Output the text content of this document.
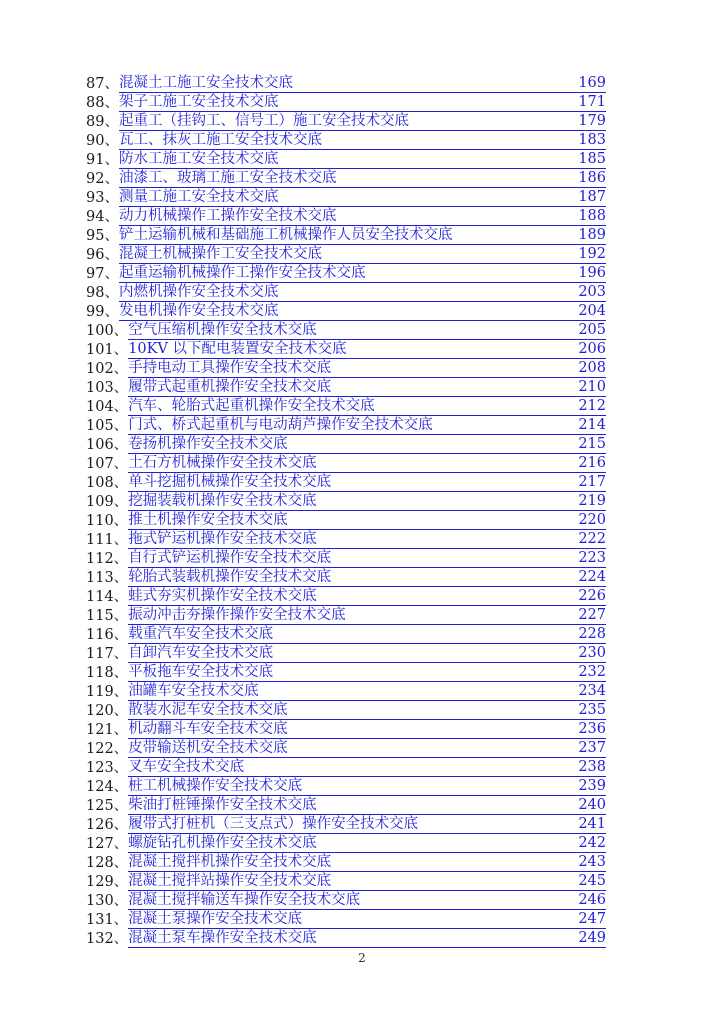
87、 混凝土工施工安全技术交底	169
88、 架子工施工安全技术交底	171
89、 起重工（挂钩工、信号工）施工安全技术交底	179
90、 瓦工、抹灰工施工安全技术交底	183
91、 防水工施工安全技术交底	185
92、 油漆工、玻璃工施工安全技术交底	186
93、 测量工施工安全技术交底	187
94、 动力机械操作工操作安全技术交底	188
95、 铲土运输机械和基础施工机械操作人员安全技术交底	189
96、 混凝土机械操作工安全技术交底	192
97、 起重运输机械操作工操作安全技术交底	196
98、 内燃机操作安全技术交底	203
99、 发电机操作安全技术交底	204
100、 空气压缩机操作安全技术交底	205
101、 10KV 以下配电装置安全技术交底	206
102、 手持电动工具操作安全技术交底	208
103、 履带式起重机操作安全技术交底	210
104、 汽车、轮胎式起重机操作安全技术交底	212
105、 门式、桥式起重机与电动葫芦操作安全技术交底	214
106、 卷扬机操作安全技术交底	215
107、 土石方机械操作安全技术交底	216
108、 单斗挖掘机械操作安全技术交底	217
109、 挖掘装载机操作安全技术交底	219
110、 推土机操作安全技术交底	220
111、 拖式铲运机操作安全技术交底	222
112、 自行式铲运机操作安全技术交底	223
113、 轮胎式装载机操作安全技术交底	224
114、 蛙式夯实机操作安全技术交底	226
115、 振动冲击夯操作操作安全技术交底	227
116、 载重汽车安全技术交底	228
117、 自卸汽车安全技术交底	230
118、 平板拖车安全技术交底	232
119、 油罐车安全技术交底	234
120、 散装水泥车安全技术交底	235
121、 机动翻斗车安全技术交底	236
122、 皮带输送机安全技术交底	237
123、 叉车安全技术交底	238
124、 桩工机械操作安全技术交底	239
125、 柴油打桩锤操作安全技术交底	240
126、 履带式打桩机（三支点式）操作安全技术交底	241
127、 螺旋钻孔机操作安全技术交底	242
128、 混凝土搅拌机操作安全技术交底	243
129、 混凝土搅拌站操作安全技术交底	245
130、 混凝土搅拌输送车操作安全技术交底	246
131、 混凝土泵操作安全技术交底	247
132、 混凝土泵车操作安全技术交底	249
2
